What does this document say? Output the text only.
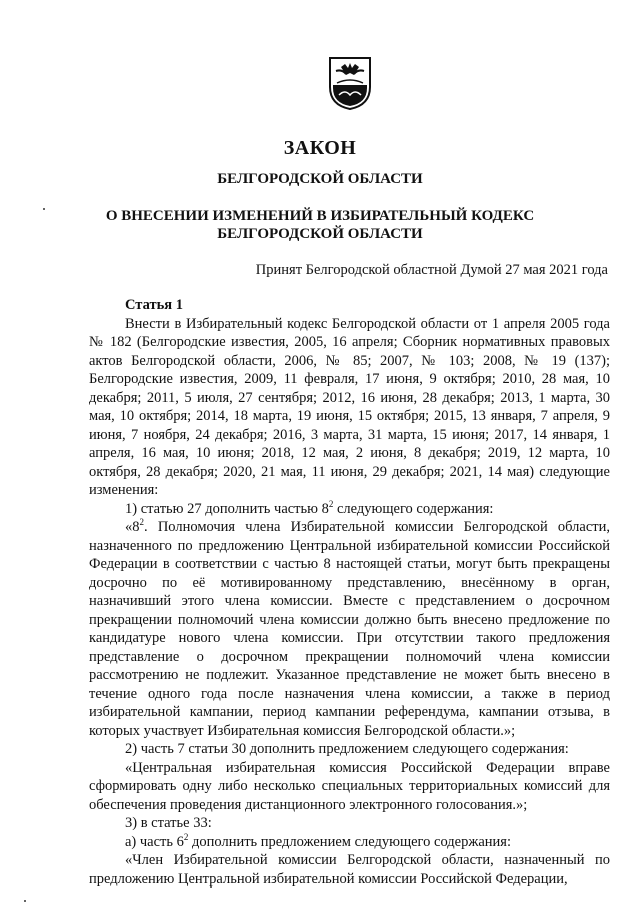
ЗАКОН
БЕЛГОРОДСКОЙ ОБЛАСТИ
О ВНЕСЕНИИ ИЗМЕНЕНИЙ В ИЗБИРАТЕЛЬНЫЙ КОДЕКС
БЕЛГОРОДСКОЙ ОБЛАСТИ
Принят Белгородской областной Думой 27 мая 2021 года

Статья 1

Внести в Избирательный кодекс Белгородской области от 1 апреля 2005 года № 182 (Белгородские известия, 2005, 16 апреля; Сборник нормативных правовых актов Белгородской области, 2006, № 85; 2007, № 103; 2008, № 19 (137); Белгородские известия, 2009, 11 февраля, 17 июня, 9 октября; 2010, 28 мая, 10 декабря; 2011, 5 июля, 27 сентября; 2012, 16 июня, 28 декабря; 2013, 1 марта, 30 мая, 10 октября; 2014, 18 марта, 19 июня, 15 октября; 2015, 13 января, 7 апреля, 9 июня, 7 ноября, 24 декабря; 2016, 3 марта, 31 марта, 15 июня; 2017, 14 января, 1 апреля, 16 мая, 10 июня; 2018, 12 мая, 2 июня, 8 декабря; 2019, 12 марта, 10 октября, 28 декабря; 2020, 21 мая, 11 июня, 29 декабря; 2021, 14 мая) следующие изменения:

1) статью 27 дополнить частью $8^2$ следующего содержания:

«$8^2$. Полномочия члена Избирательной комиссии Белгородской области, назначенного по предложению Центральной избирательной комиссии Российской Федерации в соответствии с частью 8 настоящей статьи, могут быть прекращены досрочно по её мотивированному представлению, внесённому в орган, назначивший этого члена комиссии. Вместе с представлением о досрочном прекращении полномочий члена комиссии должно быть внесено предложение по кандидатуре нового члена комиссии. При отсутствии такого предложения представление о досрочном прекращении полномочий члена комиссии рассмотрению не подлежит. Указанное представление не может быть внесено в течение одного года после назначения члена комиссии, а также в период избирательной кампании, период кампании референдума, кампании отзыва, в которых участвует Избирательная комиссия Белгородской области.»;

2) часть 7 статьи 30 дополнить предложением следующего содержания:

«Центральная избирательная комиссия Российской Федерации вправе сформировать одну либо несколько специальных территориальных комиссий для обеспечения проведения дистанционного электронного голосования.»;

3) в статье 33:

а) часть $6^2$ дополнить предложением следующего содержания:

«Член Избирательной комиссии Белгородской области, назначенный по предложению Центральной избирательной комиссии Российской Федерации,
